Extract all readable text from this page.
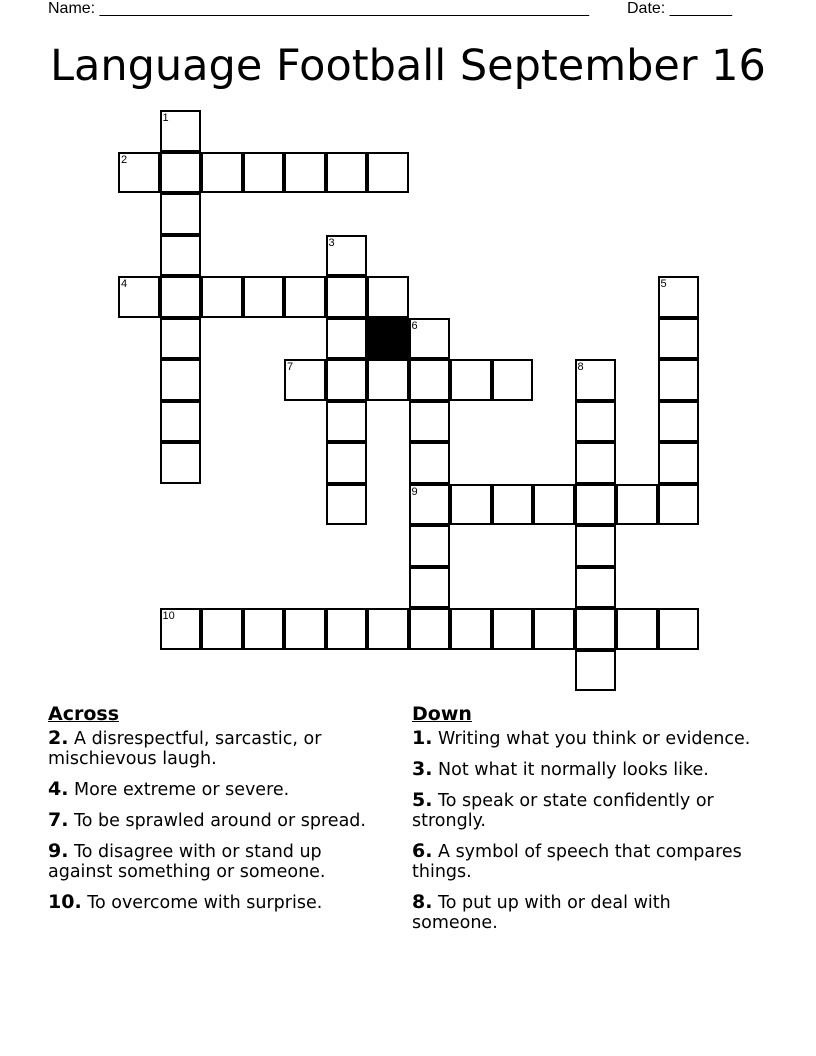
Name: _______________________________________________________ Date: _______
Language Football September 16
1
2
3
4	5
6
7	8
9
10
Across
2. A disrespectful, sarcastic, or mischievous laugh.
4. More extreme or severe.
7. To be sprawled around or spread.
9. To disagree with or stand up against something or someone.
10. To overcome with surprise.
Down
1. Writing what you think or evidence.
3. Not what it normally looks like.
5. To speak or state confidently or strongly.
6. A symbol of speech that compares things.
8. To put up with or deal with someone.
